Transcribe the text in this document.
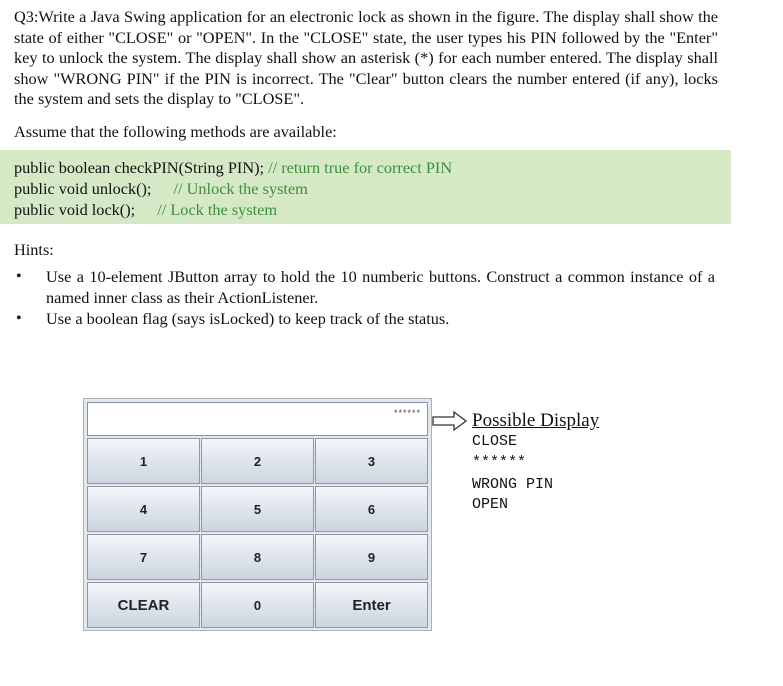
Q3:Write a Java Swing application for an electronic lock as shown in the figure. The display shall show the state of either "CLOSE" or "OPEN". In the "CLOSE" state, the user types his PIN followed by the "Enter" key to unlock the system. The display shall show an asterisk (*) for each number entered. The display shall show "WRONG PIN" if the PIN is incorrect. The "Clear" button clears the number entered (if any), locks the system and sets the display to "CLOSE".

Assume that the following methods are available:

public boolean checkPIN(String PIN); // return true for correct PIN
public void unlock(); // Unlock the system
public void lock(); // Lock the system

Hints:

• Use a 10-element JButton array to hold the 10 numberic buttons. Construct a common instance of a named inner class as their ActionListener.

• Use a boolean flag (says isLocked) to keep track of the status.

******
1	2	3
4	5	6
7	8	9
CLEAR	0	Enter

Possible Display

CLOSE

******

WRONG PIN

OPEN
